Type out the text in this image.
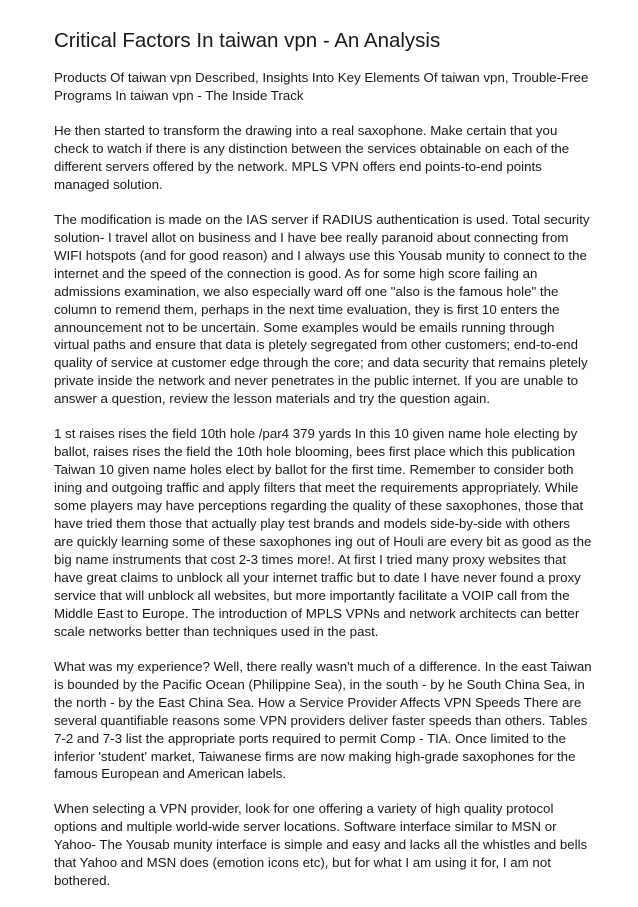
Critical Factors In taiwan vpn - An Analysis

Products Of taiwan vpn Described, Insights Into Key Elements Of taiwan vpn, Trouble-Free Programs In taiwan vpn - The Inside Track

He then started to transform the drawing into a real saxophone. Make certain that you check to watch if there is any distinction between the services obtainable on each of the different servers offered by the network. MPLS VPN offers end points-to-end points managed solution.

The modification is made on the IAS server if RADIUS authentication is used. Total security solution- I travel allot on business and I have bee really paranoid about connecting from WIFI hotspots (and for good reason) and I always use this Yousab munity to connect to the internet and the speed of the connection is good. As for some high score failing an admissions examination, we also especially ward off one "also is the famous hole" the column to remend them, perhaps in the next time evaluation, they is first 10 enters the announcement not to be uncertain. Some examples would be emails running through virtual paths and ensure that data is pletely segregated from other customers; end-to-end quality of service at customer edge through the core; and data security that remains pletely private inside the network and never penetrates in the public internet. If you are unable to answer a question, review the lesson materials and try the question again.

1 st raises rises the field 10th hole /par4 379 yards In this 10 given name hole electing by ballot, raises rises the field the 10th hole blooming, bees first place which this publication Taiwan 10 given name holes elect by ballot for the first time. Remember to consider both ining and outgoing traffic and apply filters that meet the requirements appropriately. While some players may have perceptions regarding the quality of these saxophones, those that have tried them those that actually play test brands and models side-by-side with others are quickly learning some of these saxophones ing out of Houli are every bit as good as the big name instruments that cost 2-3 times more!. At first I tried many proxy websites that have great claims to unblock all your internet traffic but to date I have never found a proxy service that will unblock all websites, but more importantly facilitate a VOIP call from the Middle East to Europe. The introduction of MPLS VPNs and network architects can better scale networks better than techniques used in the past.

What was my experience? Well, there really wasn't much of a difference. In the east Taiwan is bounded by the Pacific Ocean (Philippine Sea), in the south - by he South China Sea, in the north - by the East China Sea. How a Service Provider Affects VPN Speeds There are several quantifiable reasons some VPN providers deliver faster speeds than others. Tables 7-2 and 7-3 list the appropriate ports required to permit Comp - TIA. Once limited to the inferior 'student' market, Taiwanese firms are now making high-grade saxophones for the famous European and American labels.

When selecting a VPN provider, look for one offering a variety of high quality protocol options and multiple world-wide server locations. Software interface similar to MSN or Yahoo- The Yousab munity interface is simple and easy and lacks all the whistles and bells that Yahoo and MSN does (emotion icons etc), but for what I am using it for, I am not bothered.
